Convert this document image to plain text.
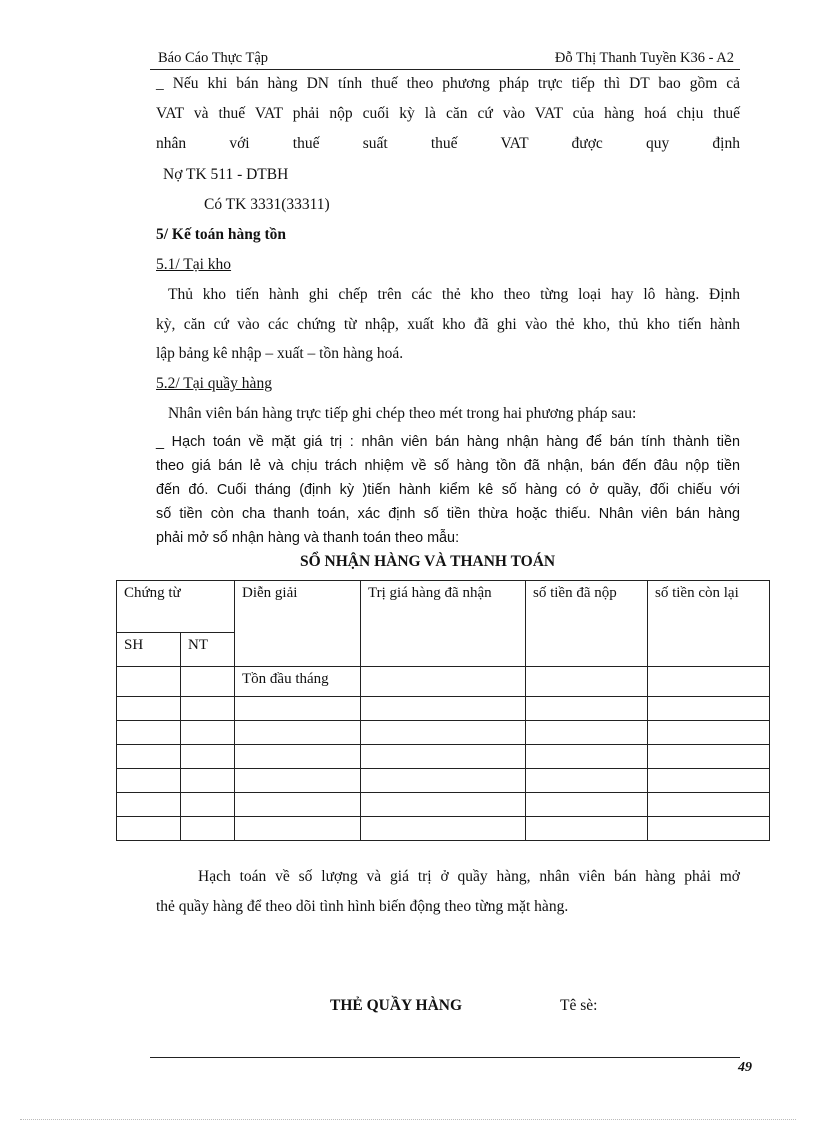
Báo Cáo Thực Tập	Đỗ Thị Thanh Tuyền K36 - A2
_ Nếu khi bán hàng DN tính thuế theo phương pháp trực tiếp thì DT bao gồm cả
VAT và thuế VAT phải nộp cuối kỳ là căn cứ vào VAT của hàng hoá chịu thuế
nhân với thuế suất thuế VAT được quy định
Nợ TK 511 - DTBH
Có TK 3331(33311)
5/ Kế toán hàng tồn
5.1/ Tại kho
Thủ kho tiến hành ghi chếp trên các thẻ kho theo từng loại hay lô hàng. Định
kỳ, căn cứ vào các chứng từ nhập, xuất kho đã ghi vào thẻ kho, thủ kho tiến hành
lập bảng kê nhập – xuất – tồn hàng hoá.
5.2/ Tại quầy hàng
Nhân viên bán hàng trực tiếp ghi chép theo mét trong hai phương pháp sau:
_ Hạch toán về mặt giá trị : nhân viên bán hàng nhận hàng để bán tính thành tiền
theo giá bán lẻ và chịu trách nhiệm về số hàng tồn đã nhận, bán đến đâu nộp tiền
đến đó. Cuối tháng (định kỳ )tiến hành kiểm kê số hàng có ở quầy, đối chiếu với
số tiền còn cha thanh toán, xác định số tiền thừa hoặc thiếu. Nhân viên bán hàng
phải mở sổ nhận hàng và thanh toán theo mẫu:
SỔ NHẬN HÀNG VÀ THANH TOÁN
Chứng từ		Diễn giải	Trị giá hàng đã nhận	số tiền đã nộp	số tiền còn lại

SH	NT				

		Tồn đầu tháng			

Hạch toán về số lượng và giá trị ở quầy hàng, nhân viên bán hàng phải mở
thẻ quầy hàng để theo dõi tình hình biến động theo từng mặt hàng.
THẺ QUẦY HÀNG	Tê sè:
49
